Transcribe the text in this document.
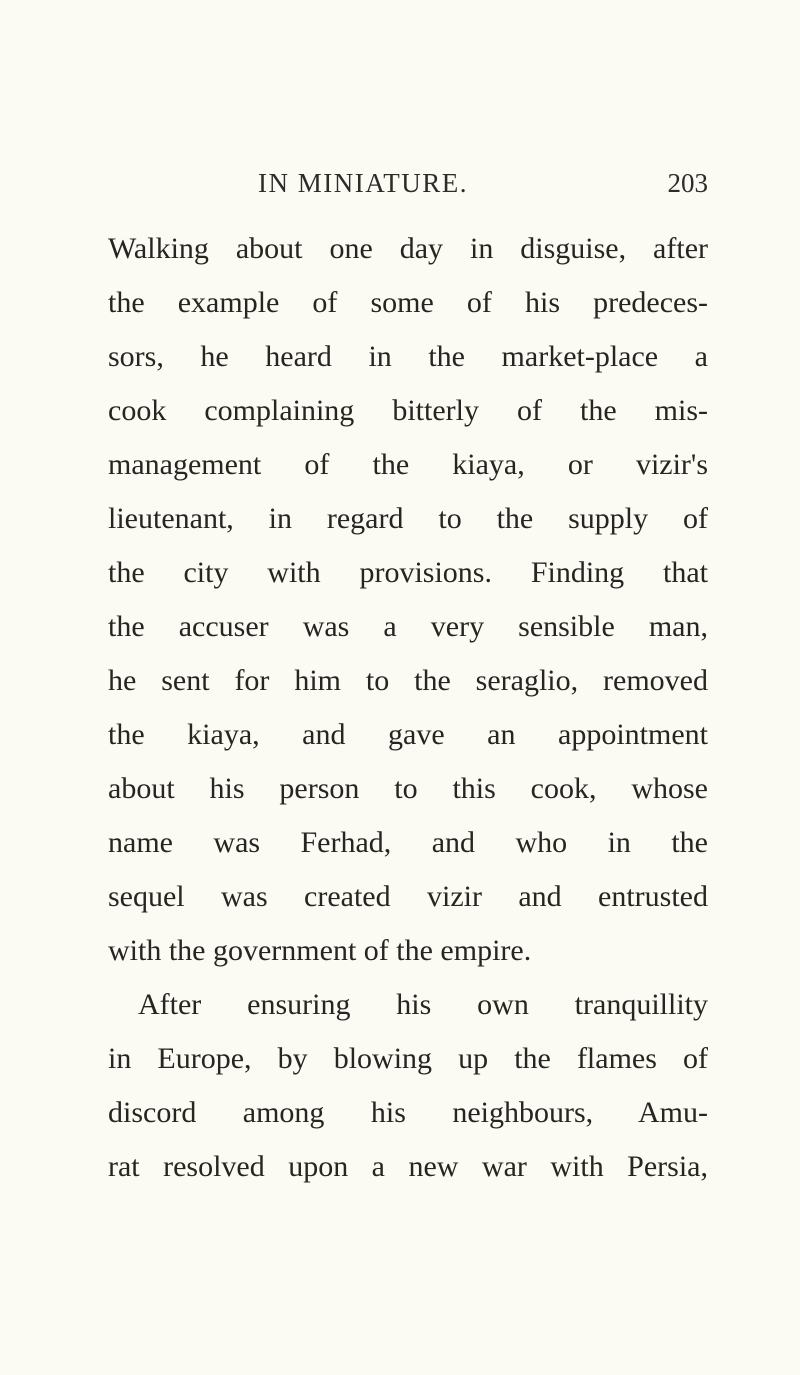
IN MINIATURE.	203
Walking about one day in disguise, after
the example of some of his predeces-
sors, he heard in the market-place a
cook complaining bitterly of the mis-
management of the kiaya, or vizir's
lieutenant, in regard to the supply of
the city with provisions. Finding that
the accuser was a very sensible man,
he sent for him to the seraglio, removed
the kiaya, and gave an appointment
about his person to this cook, whose
name was Ferhad, and who in the
sequel was created vizir and entrusted
with the government of the empire.
After ensuring his own tranquillity
in Europe, by blowing up the flames of
discord among his neighbours, Amu-
rat resolved upon a new war with Persia,
